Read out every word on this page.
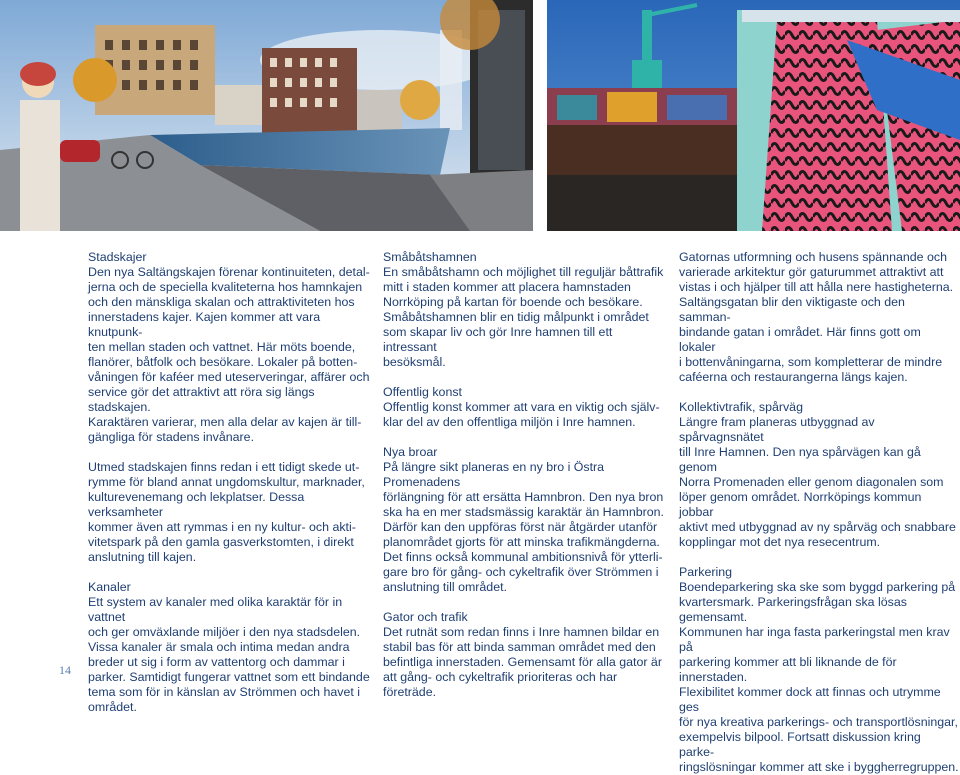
Stadskajer

Den nya Saltängskajen förenar kontinuiteten, detal-

jerna och de speciella kvaliteterna hos hamnkajen

och den mänskliga skalan och attraktiviteten hos

innerstadens kajer. Kajen kommer att vara knutpunk-

ten mellan staden och vattnet. Här möts boende,

flanörer, båtfolk och besökare. Lokaler på botten-

våningen för kaféer med uteserveringar, affärer och

service gör det attraktivt att röra sig längs stadskajen.

Karaktären varierar, men alla delar av kajen är till-

gängliga för stadens invånare.

Utmed stadskajen finns redan i ett tidigt skede ut-

rymme för bland annat ungdomskultur, marknader,

kulturevenemang och lekplatser. Dessa verksamheter

kommer även att rymmas i en ny kultur- och akti-

vitetspark på den gamla gasverkstomten, i direkt

anslutning till kajen.

Kanaler

Ett system av kanaler med olika karaktär för in vattnet

och ger omväxlande miljöer i den nya stadsdelen.

Vissa kanaler är smala och intima medan andra

breder ut sig i form av vattentorg och dammar i

parker. Samtidigt fungerar vattnet som ett bindande

tema som för in känslan av Strömmen och havet i

området.

Småbåtshamnen

En småbåtshamn och möjlighet till reguljär båttrafik

mitt i staden kommer att placera hamnstaden

Norrköping på kartan för boende och besökare.

Småbåtshamnen blir en tidig målpunkt i området

som skapar liv och gör Inre hamnen till ett intressant

besöksmål.

Offentlig konst

Offentlig konst kommer att vara en viktig och själv-

klar del av den offentliga miljön i Inre hamnen.

Nya broar

På längre sikt planeras en ny bro i Östra Promenadens

förlängning för att ersätta Hamnbron. Den nya bron

ska ha en mer stadsmässig karaktär än Hamnbron.

Därför kan den uppföras först när åtgärder utanför

planområdet gjorts för att minska trafikmängderna.

Det finns också kommunal ambitionsnivå för ytterli-

gare bro för gång- och cykeltrafik över Strömmen i

anslutning till området.

Gator och trafik

Det rutnät som redan finns i Inre hamnen bildar en

stabil bas för att binda samman området med den

befintliga innerstaden. Gemensamt för alla gator är

att gång- och cykeltrafik prioriteras och har företräde.

Gatornas utformning och husens spännande och

varierade arkitektur gör gaturummet attraktivt att

vistas i och hjälper till att hålla nere hastigheterna.

Saltängsgatan blir den viktigaste och den samman-

bindande gatan i området. Här finns gott om lokaler

i bottenvåningarna, som kompletterar de mindre

caféerna och restaurangerna längs kajen.

Kollektivtrafik, spårväg

Längre fram planeras utbyggnad av spårvagnsnätet

till Inre Hamnen. Den nya spårvägen kan gå genom

Norra Promenaden eller genom diagonalen som

löper genom området. Norrköpings kommun jobbar

aktivt med utbyggnad av ny spårväg och snabbare

kopplingar mot det nya resecentrum.

Parkering

Boendeparkering ska ske som byggd parkering på

kvartersmark. Parkeringsfrågan ska lösas gemensamt.

Kommunen har inga fasta parkeringstal men krav på

parkering kommer att bli liknande de för innerstaden.

Flexibilitet kommer dock att finnas och utrymme ges

för nya kreativa parkerings- och transportlösningar,

exempelvis bilpool. Fortsatt diskussion kring parke-

ringslösningar kommer att ske i byggherregruppen.

14
